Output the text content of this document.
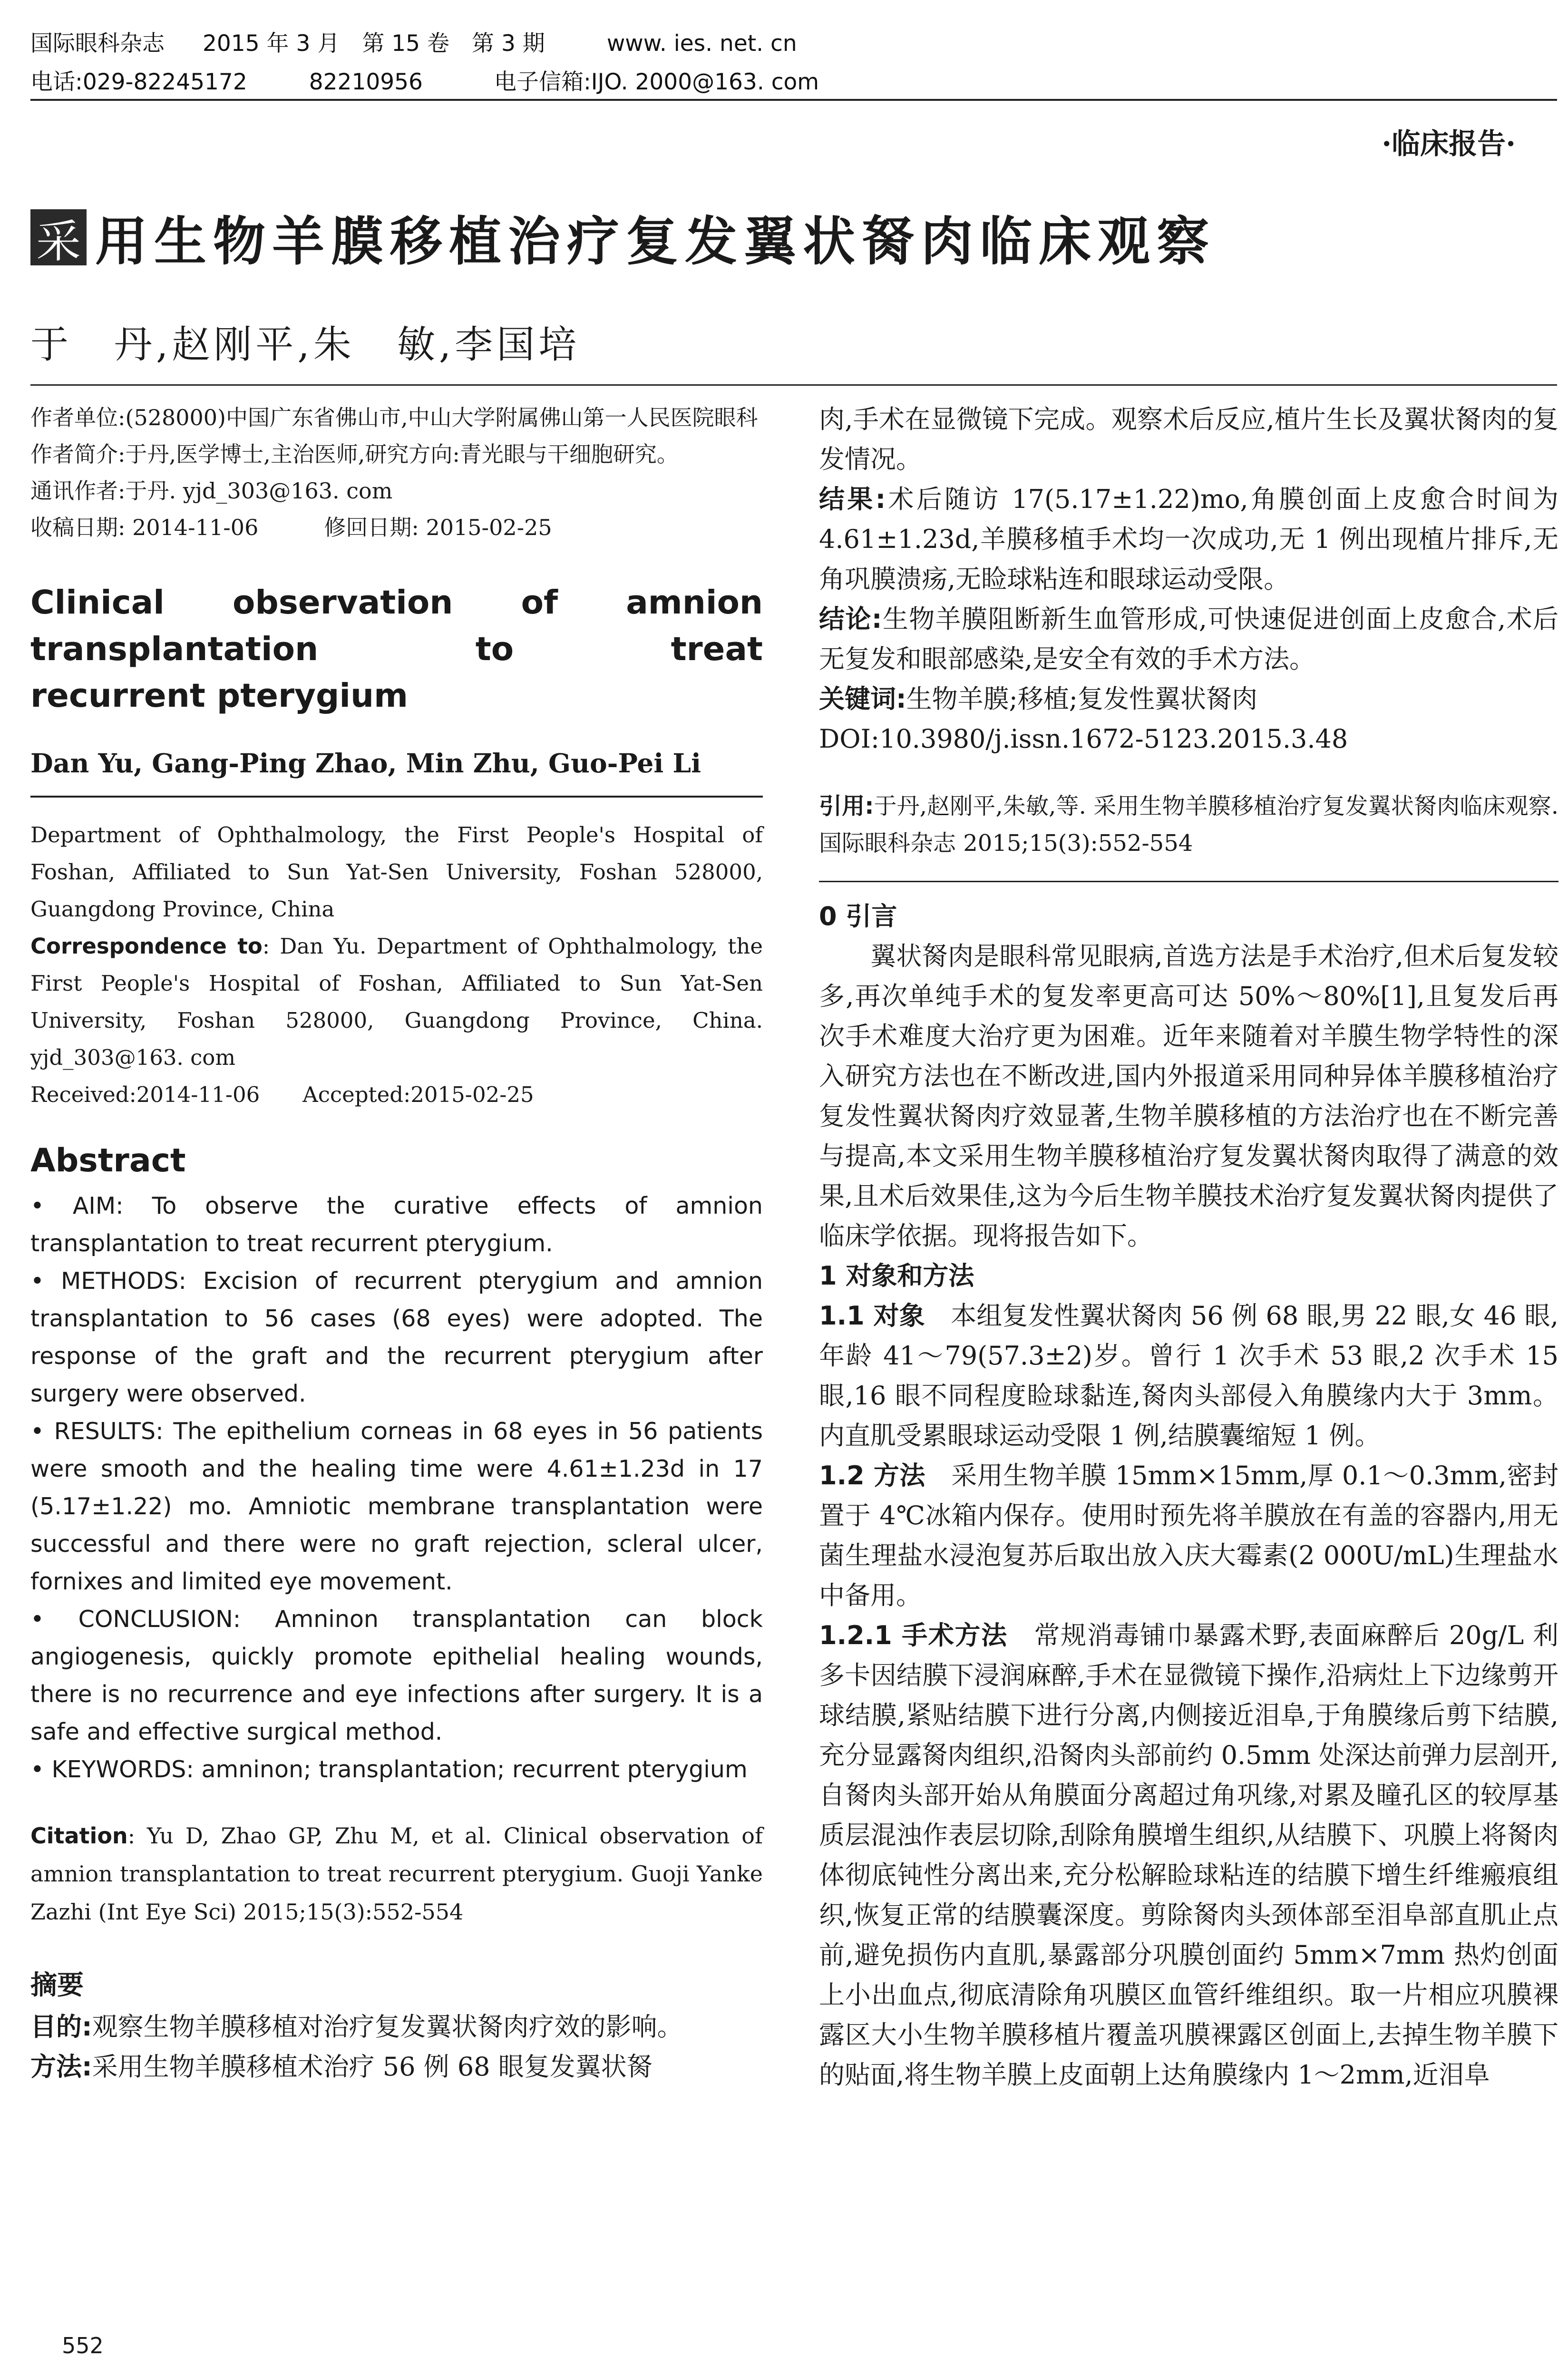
国际眼科杂志 2015 年 3 月　第 15 卷　第 3 期	www. ies. net. cn
电话:029-82245172	82210956	电子信箱:IJO. 2000@163. com
·临床报告·
采 用生物羊膜移植治疗复发翼状胬肉临床观察
于　丹,赵刚平,朱　敏,李国培

作者单位:(528000)中国广东省佛山市,中山大学附属佛山第一人民医院眼科

作者简介:于丹,医学博士,主治医师,研究方向:青光眼与干细胞研究。

通讯作者:于丹. yjd_303@163. com

收稿日期: 2014-11-06　　　修回日期: 2015-02-25

Clinical observation of amnion
transplantation to treat
recurrent pterygium
Dan Yu, Gang-Ping Zhao, Min Zhu, Guo-Pei Li

Department of Ophthalmology, the First People's Hospital of Foshan, Affiliated to Sun Yat-Sen University, Foshan 528000, Guangdong Province, China

Correspondence to: Dan Yu. Department of Ophthalmology, the First People's Hospital of Foshan, Affiliated to Sun Yat-Sen University, Foshan 528000, Guangdong Province, China. yjd_303@163. com

Received:2014-11-06　　Accepted:2015-02-25

Abstract

• AIM: To observe the curative effects of amnion transplantation to treat recurrent pterygium.

• METHODS: Excision of recurrent pterygium and amnion transplantation to 56 cases (68 eyes) were adopted. The response of the graft and the recurrent pterygium after surgery were observed.

• RESULTS: The epithelium corneas in 68 eyes in 56 patients were smooth and the healing time were 4.61±1.23d in 17 (5.17±1.22) mo. Amniotic membrane transplantation were successful and there were no graft rejection, scleral ulcer, fornixes and limited eye movement.

• CONCLUSION: Amninon transplantation can block angiogenesis, quickly promote epithelial healing wounds, there is no recurrence and eye infections after surgery. It is a safe and effective surgical method.

• KEYWORDS: amninon; transplantation; recurrent pterygium

Citation: Yu D, Zhao GP, Zhu M, et al. Clinical observation of amnion transplantation to treat recurrent pterygium. Guoji Yanke Zazhi (Int Eye Sci) 2015;15(3):552-554

摘要

目的:观察生物羊膜移植对治疗复发翼状胬肉疗效的影响。

方法:采用生物羊膜移植术治疗 56 例 68 眼复发翼状胬

肉,手术在显微镜下完成。观察术后反应,植片生长及翼状胬肉的复发情况。

结果:术后随访 17(5.17±1.22)mo,角膜创面上皮愈合时间为 4.61±1.23d,羊膜移植手术均一次成功,无 1 例出现植片排斥,无角巩膜溃疡,无睑球粘连和眼球运动受限。

结论:生物羊膜阻断新生血管形成,可快速促进创面上皮愈合,术后无复发和眼部感染,是安全有效的手术方法。

关键词:生物羊膜;移植;复发性翼状胬肉

DOI:10.3980/j.issn.1672-5123.2015.3.48

引用:于丹,赵刚平,朱敏,等. 采用生物羊膜移植治疗复发翼状胬肉临床观察. 国际眼科杂志 2015;15(3):552-554

0 引言

翼状胬肉是眼科常见眼病,首选方法是手术治疗,但术后复发较多,再次单纯手术的复发率更高可达 50%～80%[1],且复发后再次手术难度大治疗更为困难。近年来随着对羊膜生物学特性的深入研究方法也在不断改进,国内外报道采用同种异体羊膜移植治疗复发性翼状胬肉疗效显著,生物羊膜移植的方法治疗也在不断完善与提高,本文采用生物羊膜移植治疗复发翼状胬肉取得了满意的效果,且术后效果佳,这为今后生物羊膜技术治疗复发翼状胬肉提供了临床学依据。现将报告如下。

1 对象和方法

1.1 对象　 本组复发性翼状胬肉 56 例 68 眼,男 22 眼,女 46 眼,年龄 41～79(57.3±2)岁。曾行 1 次手术 53 眼,2 次手术 15 眼,16 眼不同程度睑球黏连,胬肉头部侵入角膜缘内大于 3mm。内直肌受累眼球运动受限 1 例,结膜囊缩短 1 例。

1.2 方法　 采用生物羊膜 15mm×15mm,厚 0.1～0.3mm,密封置于 4℃冰箱内保存。使用时预先将羊膜放在有盖的容器内,用无菌生理盐水浸泡复苏后取出放入庆大霉素(2 000U/mL)生理盐水中备用。

1.2.1 手术方法　 常规消毒铺巾暴露术野,表面麻醉后 20g/L 利多卡因结膜下浸润麻醉,手术在显微镜下操作,沿病灶上下边缘剪开球结膜,紧贴结膜下进行分离,内侧接近泪阜,于角膜缘后剪下结膜,充分显露胬肉组织,沿胬肉头部前约 0.5mm 处深达前弹力层剖开,自胬肉头部开始从角膜面分离超过角巩缘,对累及瞳孔区的较厚基质层混浊作表层切除,刮除角膜增生组织,从结膜下、巩膜上将胬肉体彻底钝性分离出来,充分松解睑球粘连的结膜下增生纤维瘢痕组织,恢复正常的结膜囊深度。剪除胬肉头颈体部至泪阜部直肌止点前,避免损伤内直肌,暴露部分巩膜创面约 5mm×7mm 热灼创面上小出血点,彻底清除角巩膜区血管纤维组织。取一片相应巩膜裸露区大小生物羊膜移植片覆盖巩膜裸露区创面上,去掉生物羊膜下的贴面,将生物羊膜上皮面朝上达角膜缘内 1～2mm,近泪阜

552
